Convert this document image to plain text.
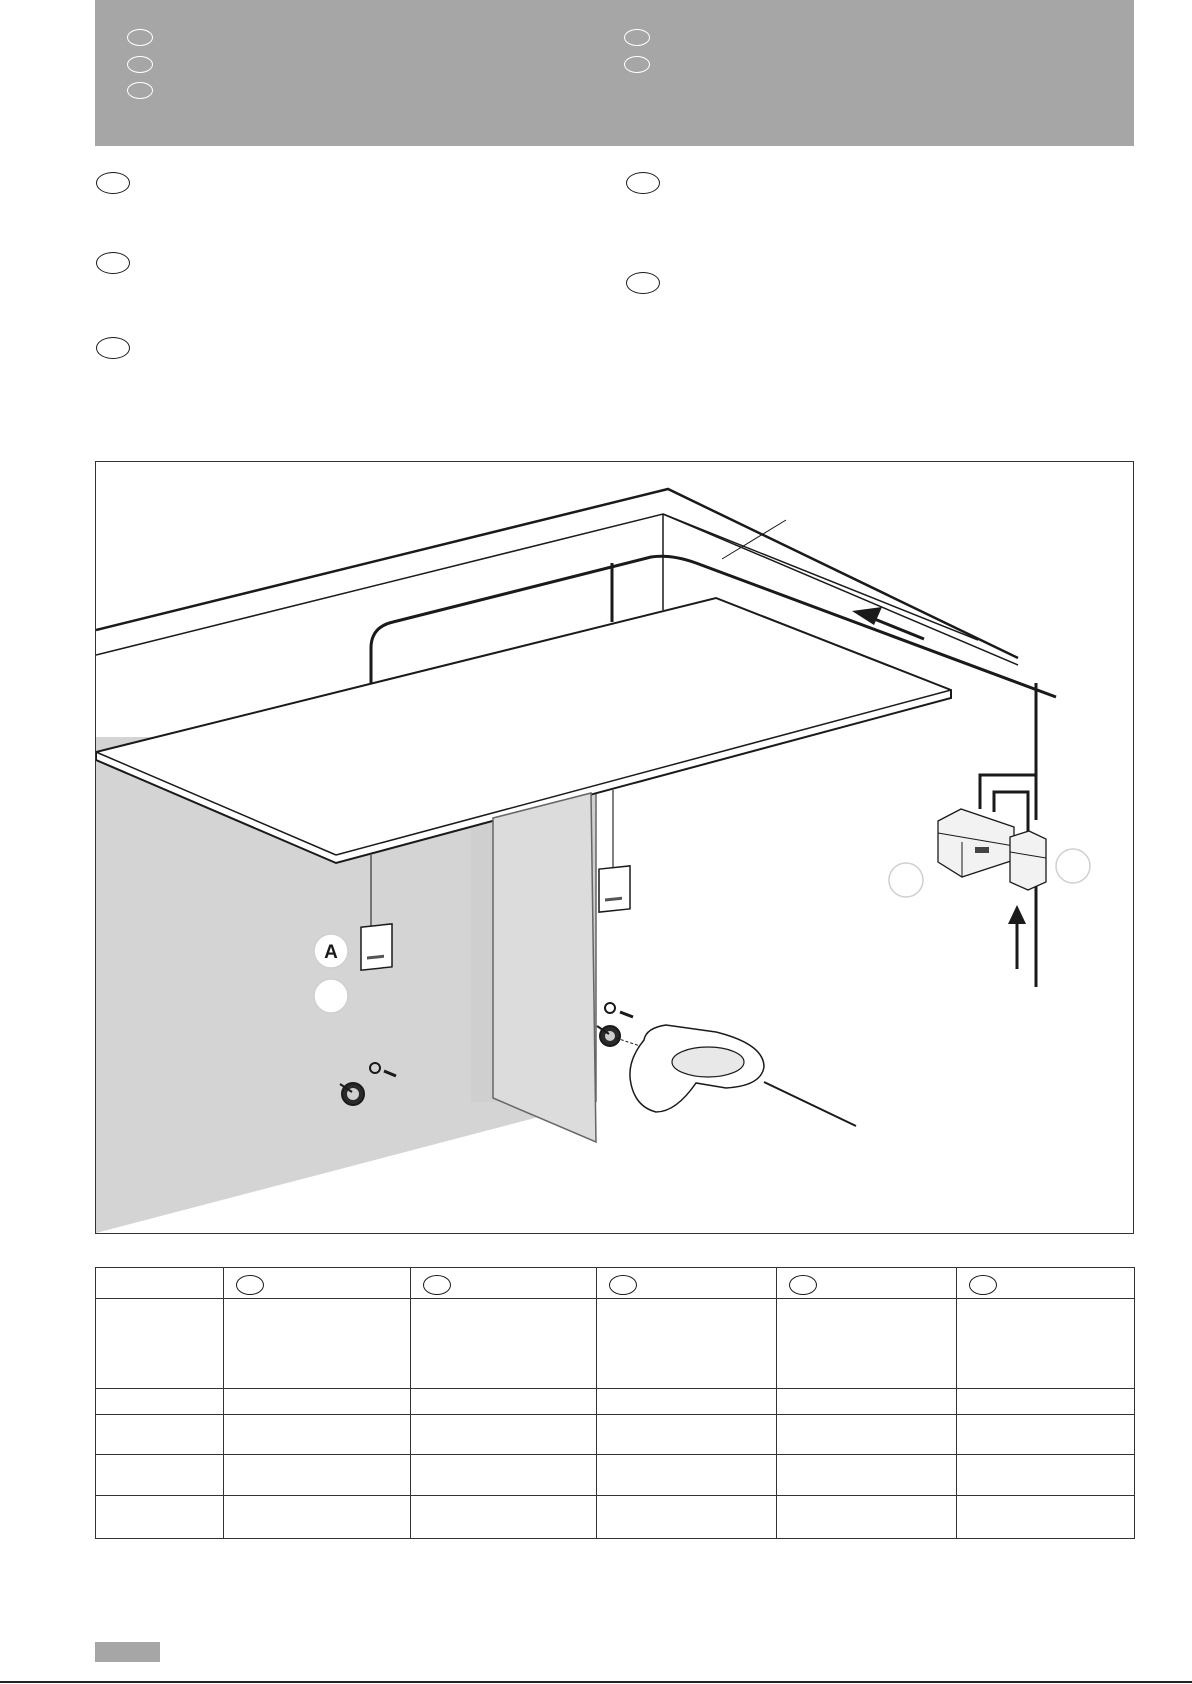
A
